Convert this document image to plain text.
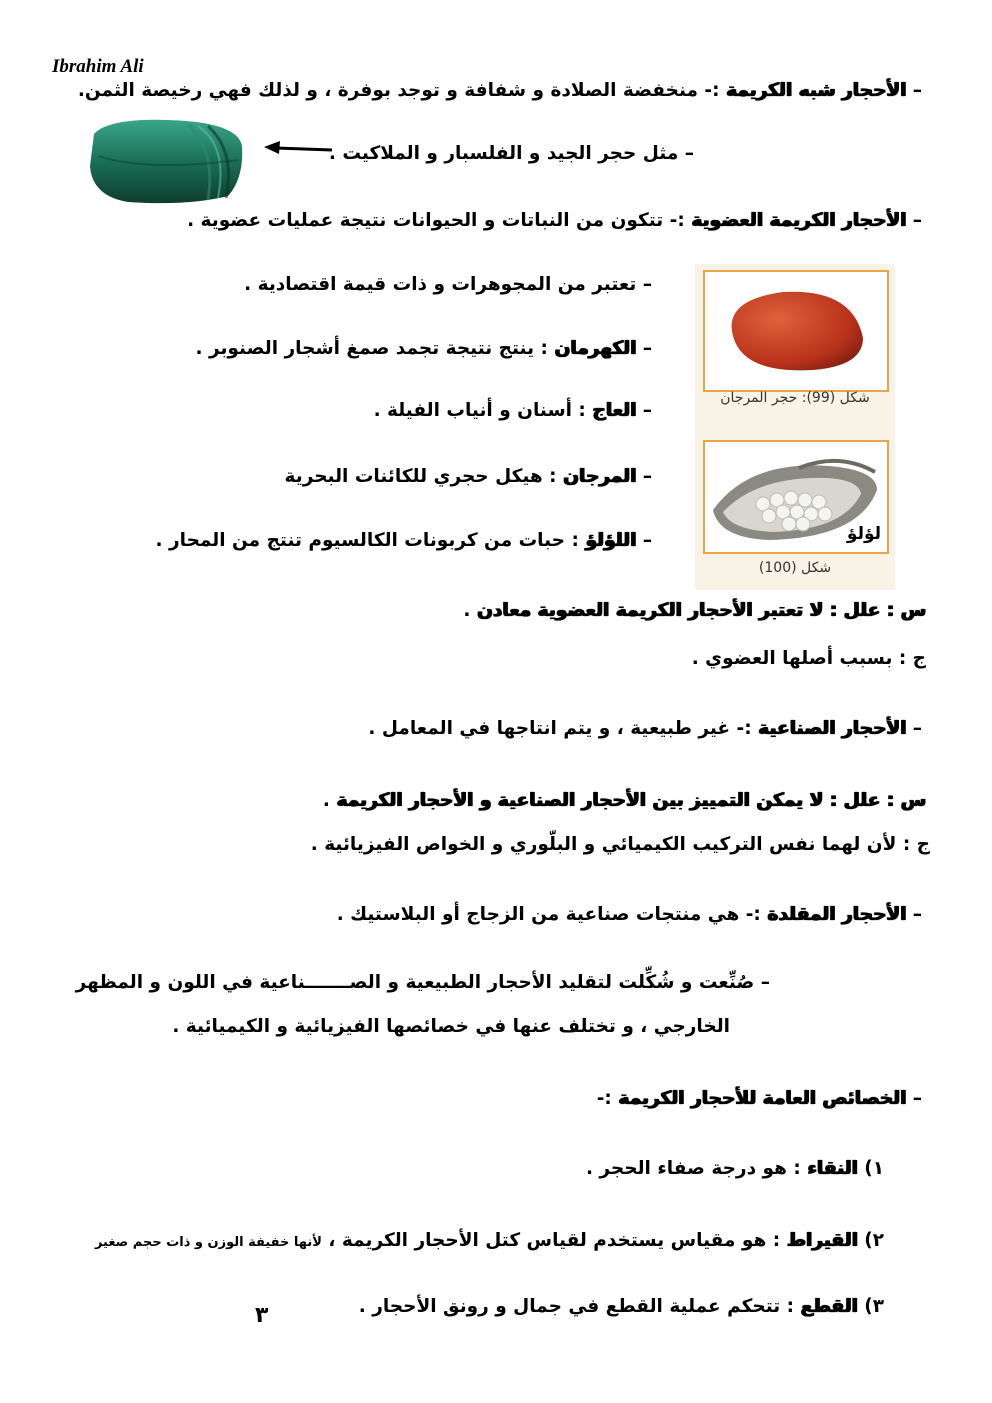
Ibrahim Ali
– الأحجار شبه الكريمة :- منخفضة الصلادة و شفافة و توجد بوفرة ، و لذلك فهي رخيصة الثمن.
– مثل حجر الجيد و الفلسبار و الملاكيت .
– الأحجار الكريمة العضوية :- تتكون من النباتات و الحيوانات نتيجة عمليات عضوية .
– تعتبر من المجوهرات و ذات قيمة اقتصادية .
– الكهرمان : ينتج نتيجة تجمد صمغ أشجار الصنوبر .
– العاج : أسنان و أنياب الفيلة .
– المرجان : هيكل حجري للكائنات البحرية
– اللؤلؤ : حبات من كربونات الكالسيوم تنتج من المحار .
شكل (99): حجر المرجان
لؤلؤ
شكل (100)
س : علل : لا تعتبر الأحجار الكريمة العضوية معادن .
ج : بسبب أصلها العضوي .
– الأحجار الصناعية :- غير طبيعية ، و يتم انتاجها في المعامل .
س : علل : لا يمكن التمييز بين الأحجار الصناعية و الأحجار الكريمة .
ج : لأن لهما نفس التركيب الكيميائي و البلّوري و الخواص الفيزيائية .
– الأحجار المقلدة :- هي منتجات صناعية من الزجاج أو البلاستيك .
– صُنِّعت و شُكِّلت لتقليد الأحجار الطبيعية و الصـــــــناعية في اللون و المظهر
الخارجي ، و تختلف عنها في خصائصها الفيزيائية و الكيميائية .
– الخصائص العامة للأحجار الكريمة :-
١) النقاء : هو درجة صفاء الحجر .
٢) القيراط : هو مقياس يستخدم لقياس كتل الأحجار الكريمة ، لأنها خفيفة الوزن و ذات حجم صغير
٣) القطع : تتحكم عملية القطع في جمال و رونق الأحجار .
٣
